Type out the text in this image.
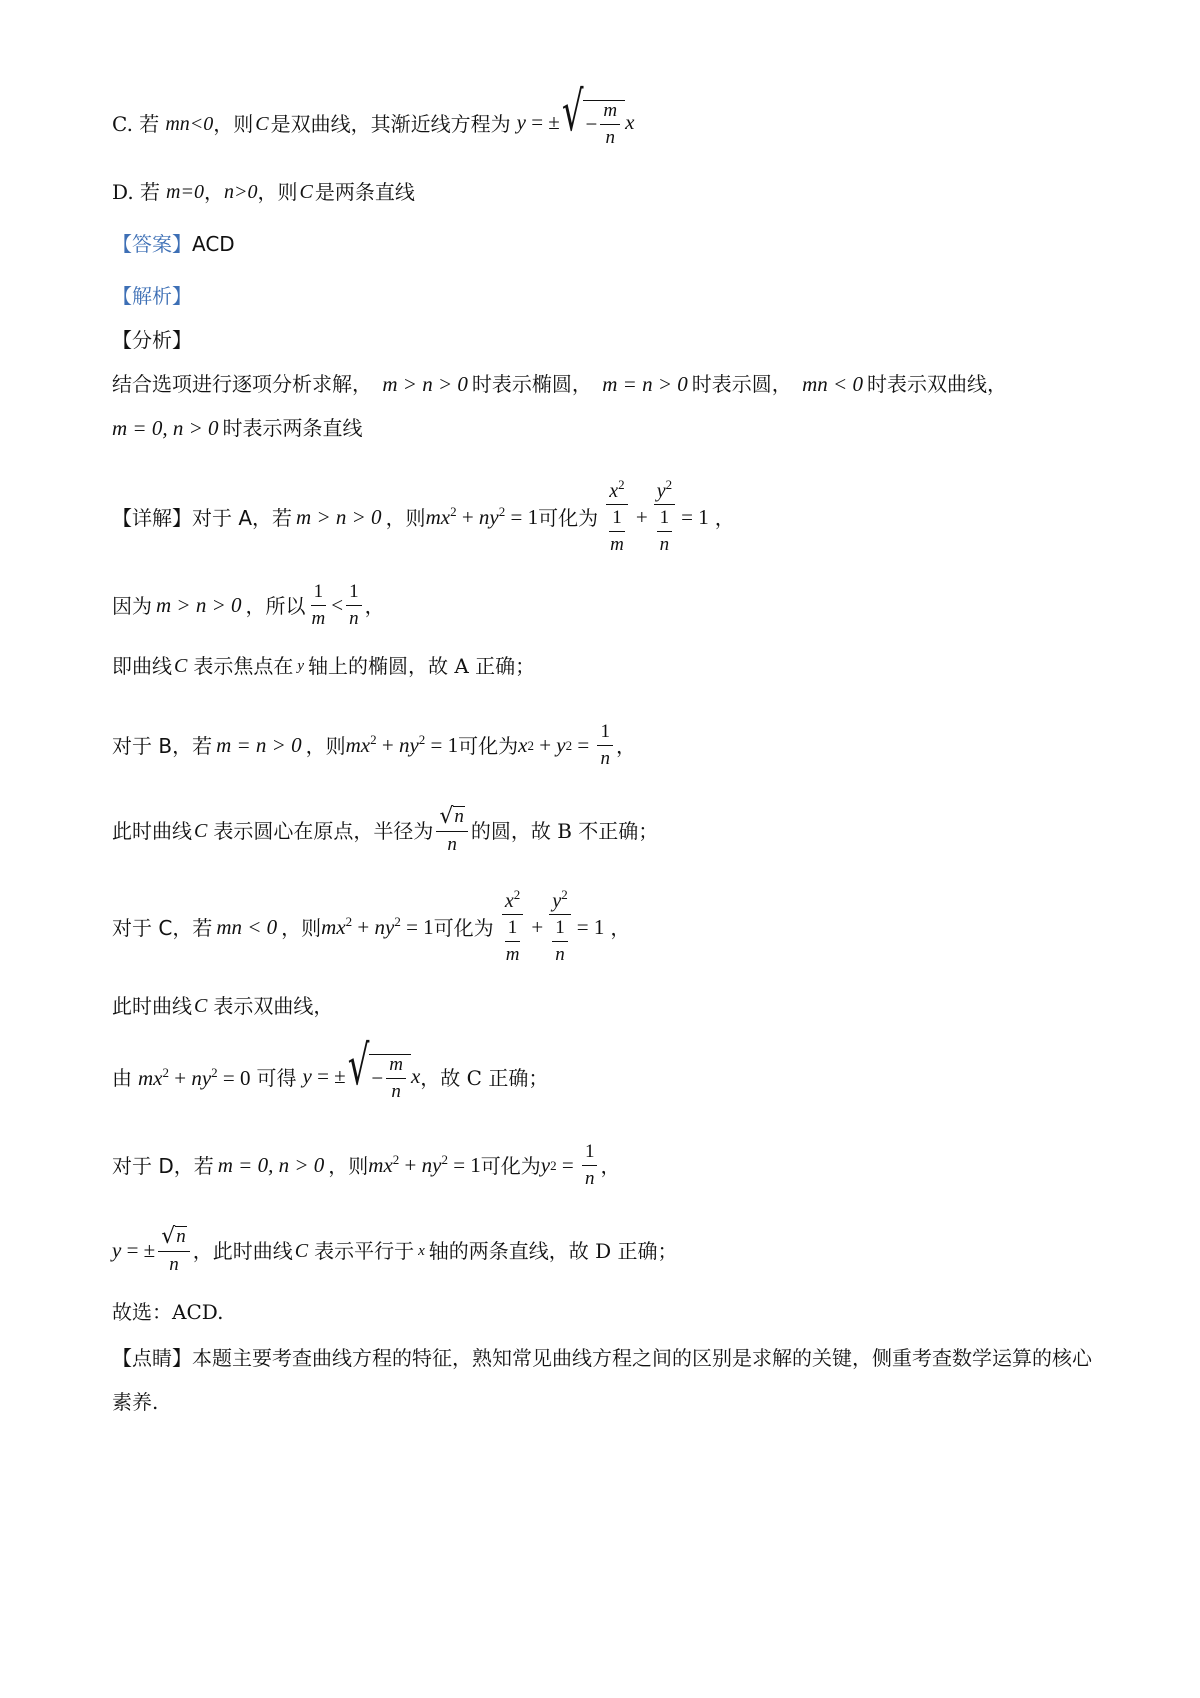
C. 若 mn<0 ，则 C 是双曲线，其渐近线方程为 y = ± √ − $\frac{m}{n}$ x
D. 若 m=0 ， n>0 ，则 C 是两条直线
【答案】 ACD
【解析】
【分析】
结合选项进行逐项分析求解， m > n > 0 时表示椭圆， m = n > 0 时表示圆， mn < 0 时表示双曲线，
m = 0, n > 0 时表示两条直线
【详解】 对于 A，若 m > n > 0 ，则 $mx^2 + ny^2 = 1$ 可化为 $\frac{x^2}{\frac{1}{m}} + \frac{y^2}{\frac{1}{n}} = 1$ ，
因为 m > n > 0 ，所以 $\frac{1}{m} < \frac{1}{n}$ ，
即曲线 C 表示焦点在 y 轴上的椭圆，故 A 正确；
对于 B，若 m = n > 0 ，则 $mx^2 + ny^2 = 1$ 可化为 x 2 + y $2 = \frac{1}{n}$ ，
此时曲线 C 表示圆心在原点，半径为 $\frac{√ n}{n}$ 的圆，故 B 不正确；
对于 C，若 mn < 0 ，则 $mx^2 + ny^2 = 1$ 可化为 $\frac{x^2}{\frac{1}{m}} + \frac{y^2}{\frac{1}{n}} = 1$ ，
此时曲线 C 表示双曲线，
由 $mx^2 + ny^2 = 0$ 可得 y = ± √ − $\frac{m}{n}$ x ，故 C 正确；
对于 D，若 m = 0, n > 0 ，则 $mx^2 + ny^2 = 1$ 可化为 y $2 = \frac{1}{n}$ ，
y = ± $\frac{√ n}{n}$ ，此时曲线 C 表示平行于 x 轴的两条直线，故 D 正确；
故选：ACD.
【点睛】本题主要考查曲线方程的特征，熟知常见曲线方程之间的区别是求解的关键，侧重考查数学运算的核心素养.
